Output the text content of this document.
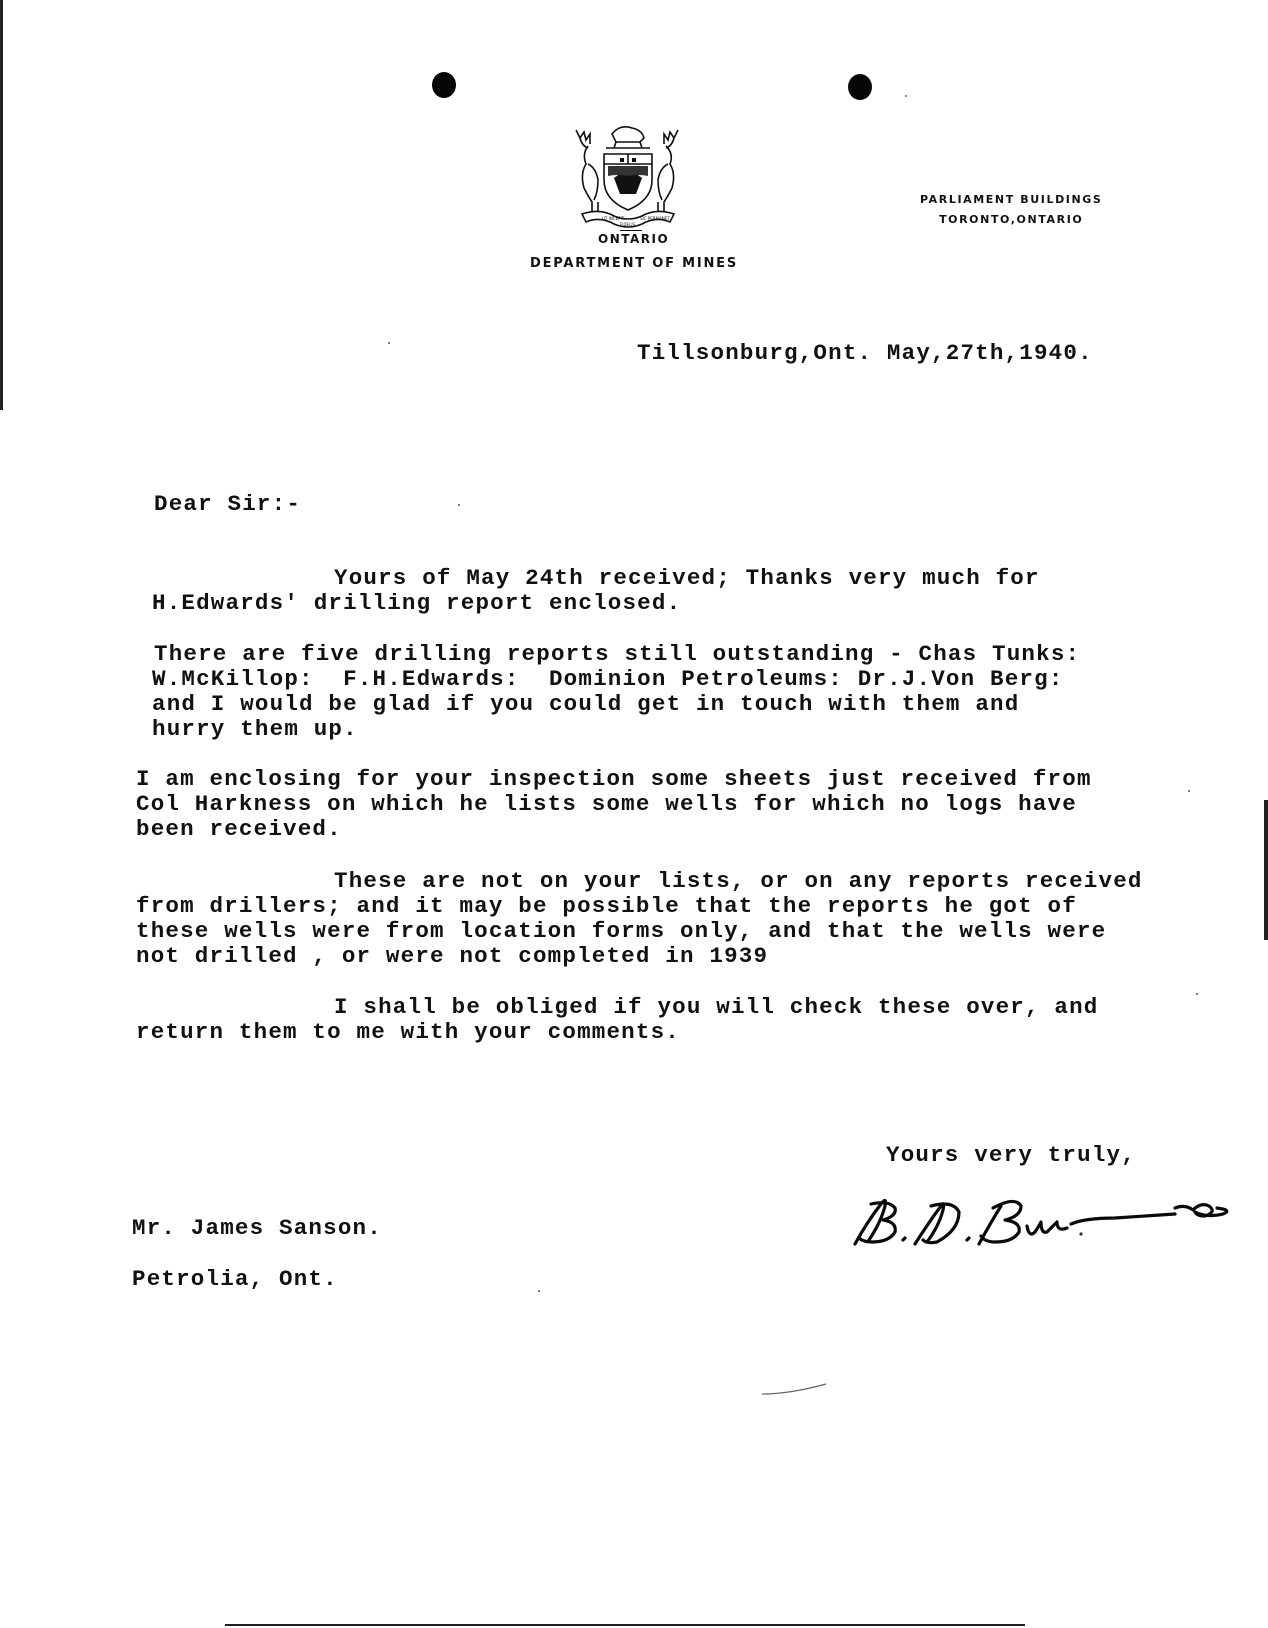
UT INCEPIT
FIDELIS
SIC PERMANET
ONTARIO
DEPARTMENT OF MINES
PARLIAMENT BUILDINGS
TORONTO,ONTARIO
Tillsonburg,Ont. May,27th,1940.
Dear Sir:-
Yours of May 24th received; Thanks very much for
H.Edwards' drilling report enclosed.
There are five drilling reports still outstanding - Chas Tunks:
W.McKillop:  F.H.Edwards:  Dominion Petroleums: Dr.J.Von Berg:
and I would be glad if you could get in touch with them and
hurry them up.
I am enclosing for your inspection some sheets just received from
Col Harkness on which he lists some wells for which no logs have
been received.
These are not on your lists, or on any reports received
from drillers; and it may be possible that the reports he got of
these wells were from location forms only, and that the wells were
not drilled , or were not completed in 1939
I shall be obliged if you will check these over, and
return them to me with your comments.
Yours very truly,
Mr. James Sanson.
Petrolia, Ont.
